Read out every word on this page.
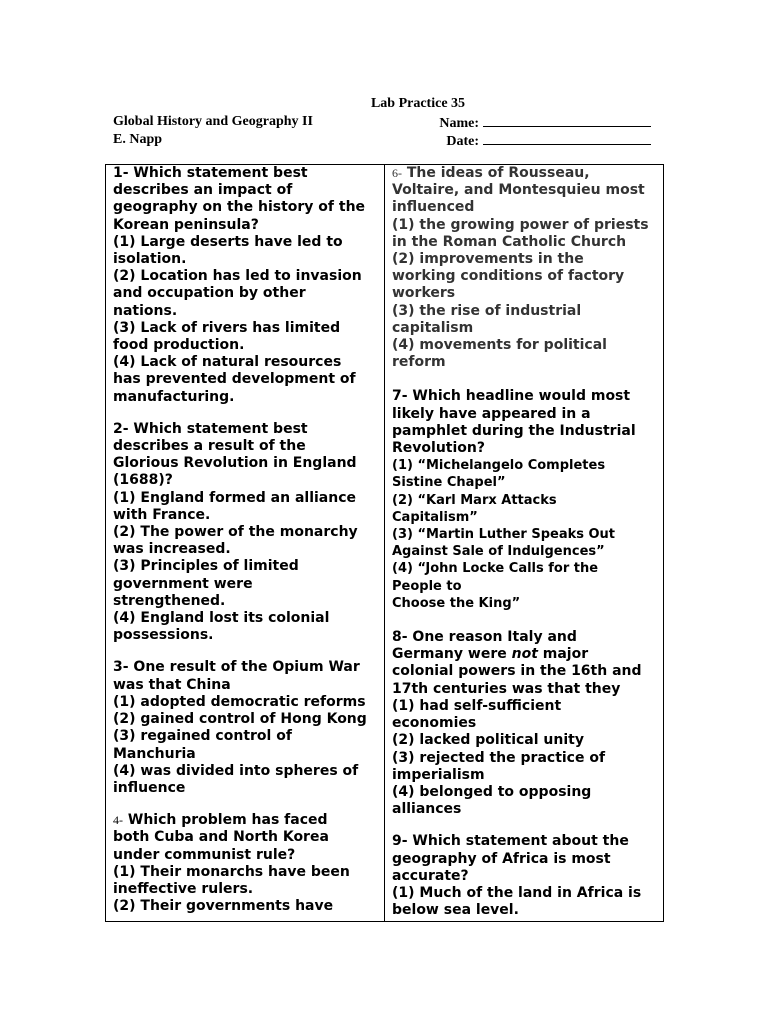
Lab Practice 35
Global History and Geography II	Name:
E. Napp	Date:
1- Which statement best
describes an impact of
geography on the history of the
Korean peninsula?
(1) Large deserts have led to
isolation.
(2) Location has led to invasion
and occupation by other
nations.
(3) Lack of rivers has limited
food production.
(4) Lack of natural resources
has prevented development of
manufacturing.
2- Which statement best
describes a result of the
Glorious Revolution in England
(1688)?
(1) England formed an alliance
with France.
(2) The power of the monarchy
was increased.
(3) Principles of limited
government were
strengthened.
(4) England lost its colonial
possessions.
3- One result of the Opium War
was that China
(1) adopted democratic reforms
(2) gained control of Hong Kong
(3) regained control of
Manchuria
(4) was divided into spheres of
influence
4- Which problem has faced
both Cuba and North Korea
under communist rule?
(1) Their monarchs have been
ineffective rulers.
(2) Their governments have
6- The ideas of Rousseau,
Voltaire, and Montesquieu most
influenced
(1) the growing power of priests
in the Roman Catholic Church
(2) improvements in the
working conditions of factory
workers
(3) the rise of industrial
capitalism
(4) movements for political
reform
7- Which headline would most
likely have appeared in a
pamphlet during the Industrial
Revolution?
(1) “Michelangelo Completes
Sistine Chapel”
(2) “Karl Marx Attacks
Capitalism”
(3) “Martin Luther Speaks Out
Against Sale of Indulgences”
(4) “John Locke Calls for the
People to
Choose the King”
8- One reason Italy and
Germany were not major
colonial powers in the 16th and
17th centuries was that they
(1) had self-sufficient
economies
(2) lacked political unity
(3) rejected the practice of
imperialism
(4) belonged to opposing
alliances
9- Which statement about the
geography of Africa is most
accurate?
(1) Much of the land in Africa is
below sea level.
